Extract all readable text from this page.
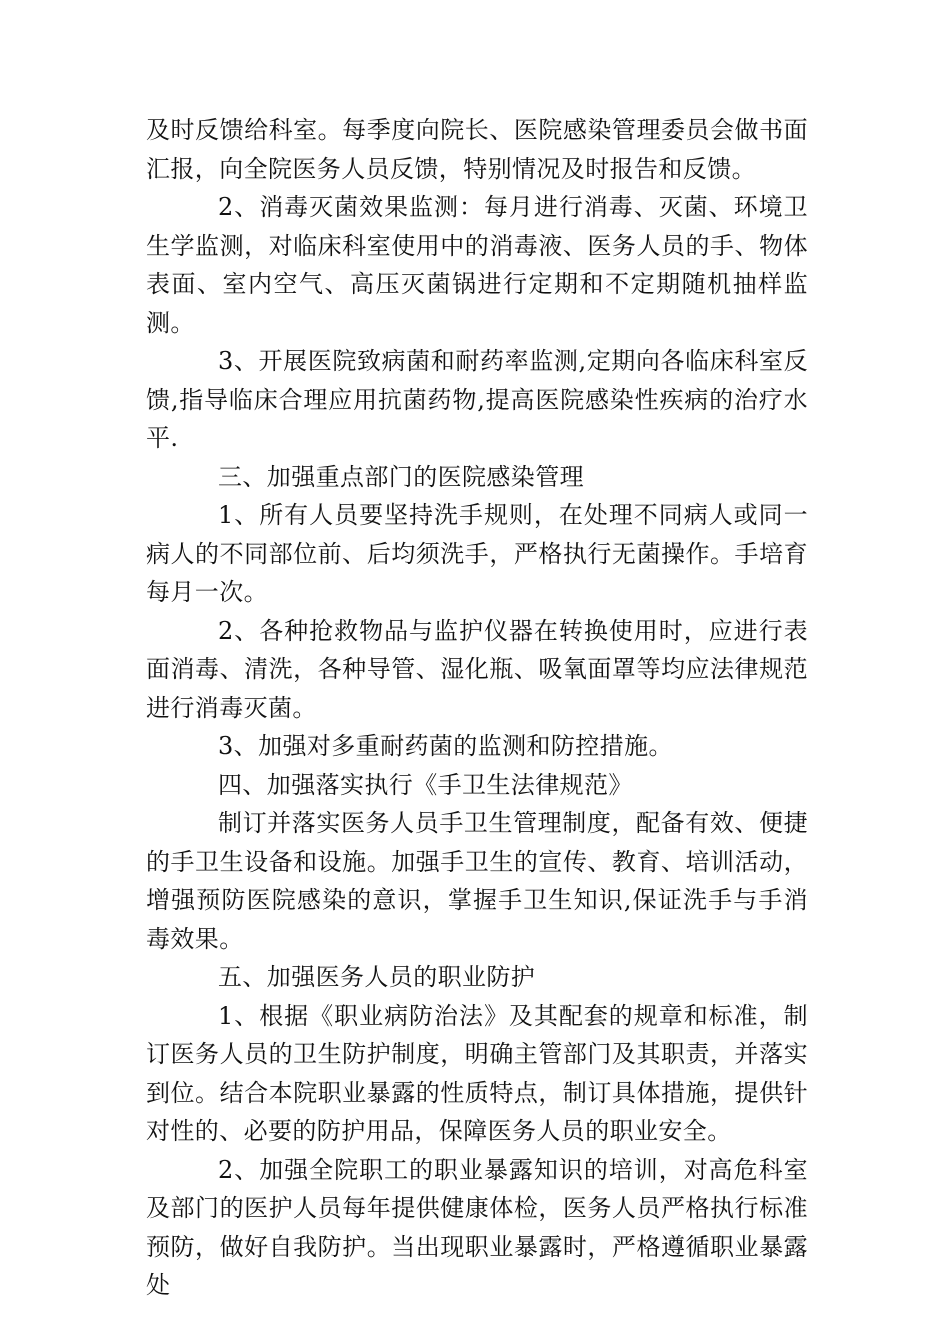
及时反馈给科室。每季度向院长、医院感染管理委员会做书面汇报，向全院医务人员反馈，特别情况及时报告和反馈。

2、消毒灭菌效果监测：每月进行消毒、灭菌、环境卫生学监测，对临床科室使用中的消毒液、医务人员的手、物体表面、室内空气、高压灭菌锅进行定期和不定期随机抽样监测。

3、开展医院致病菌和耐药率监测,定期向各临床科室反馈,指导临床合理应用抗菌药物,提高医院感染性疾病的治疗水平.

三、加强重点部门的医院感染管理

1、所有人员要坚持洗手规则，在处理不同病人或同一病人的不同部位前、后均须洗手，严格执行无菌操作。手培育每月一次。

2、各种抢救物品与监护仪器在转换使用时，应进行表面消毒、清洗，各种导管、湿化瓶、吸氧面罩等均应法律规范进行消毒灭菌。

3、加强对多重耐药菌的监测和防控措施。

四、加强落实执行《手卫生法律规范》

制订并落实医务人员手卫生管理制度，配备有效、便捷的手卫生设备和设施。加强手卫生的宣传、教育、培训活动，增强预防医院感染的意识，掌握手卫生知识,保证洗手与手消毒效果。

五、加强医务人员的职业防护

1、根据《职业病防治法》及其配套的规章和标准，制订医务人员的卫生防护制度，明确主管部门及其职责，并落实到位。结合本院职业暴露的性质特点，制订具体措施，提供针对性的、必要的防护用品，保障医务人员的职业安全。

2、加强全院职工的职业暴露知识的培训，对高危科室及部门的医护人员每年提供健康体检，医务人员严格执行标准预防，做好自我防护。当出现职业暴露时，严格遵循职业暴露处
